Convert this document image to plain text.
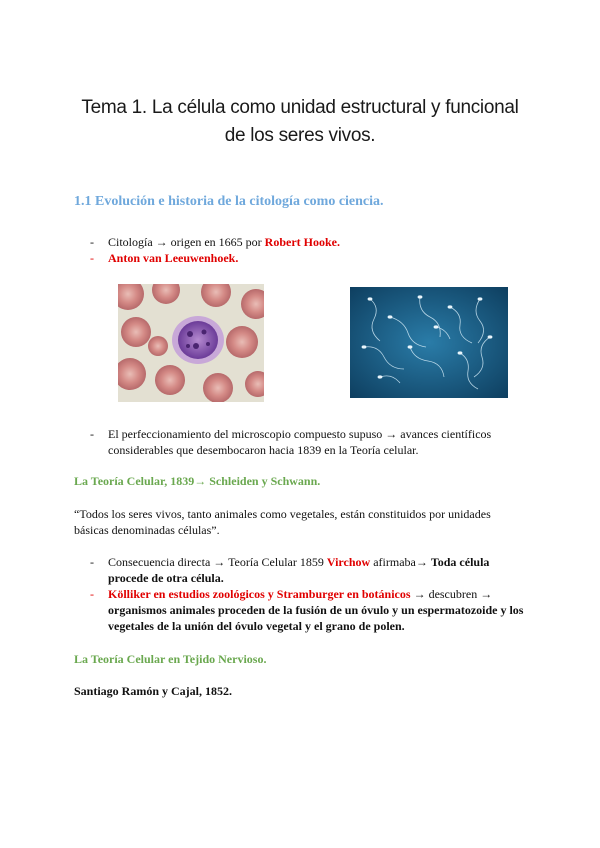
Tema 1. La célula como unidad estructural y funcional de los seres vivos.
1.1 Evolución e historia de la citología como ciencia.
- Citología → origen en 1665 por Robert Hooke.
- Anton van Leeuwenhoek.
- El perfeccionamiento del microscopio compuesto supuso → avances científicos considerables que desembocaron hacia 1839 en la Teoría celular.
La Teoría Celular, 1839→ Schleiden y Schwann.
“Todos los seres vivos, tanto animales como vegetales, están constituidos por unidades básicas denominadas células”.
- Consecuencia directa → Teoría Celular 1859 Virchow afirmaba→ Toda célula procede de otra célula.
- Kölliker en estudios zoológicos y Stramburger en botánicos → descubren → organismos animales proceden de la fusión de un óvulo y un espermatozoide y los vegetales de la unión del óvulo vegetal y el grano de polen.
La Teoría Celular en Tejido Nervioso.
Santiago Ramón y Cajal, 1852.
